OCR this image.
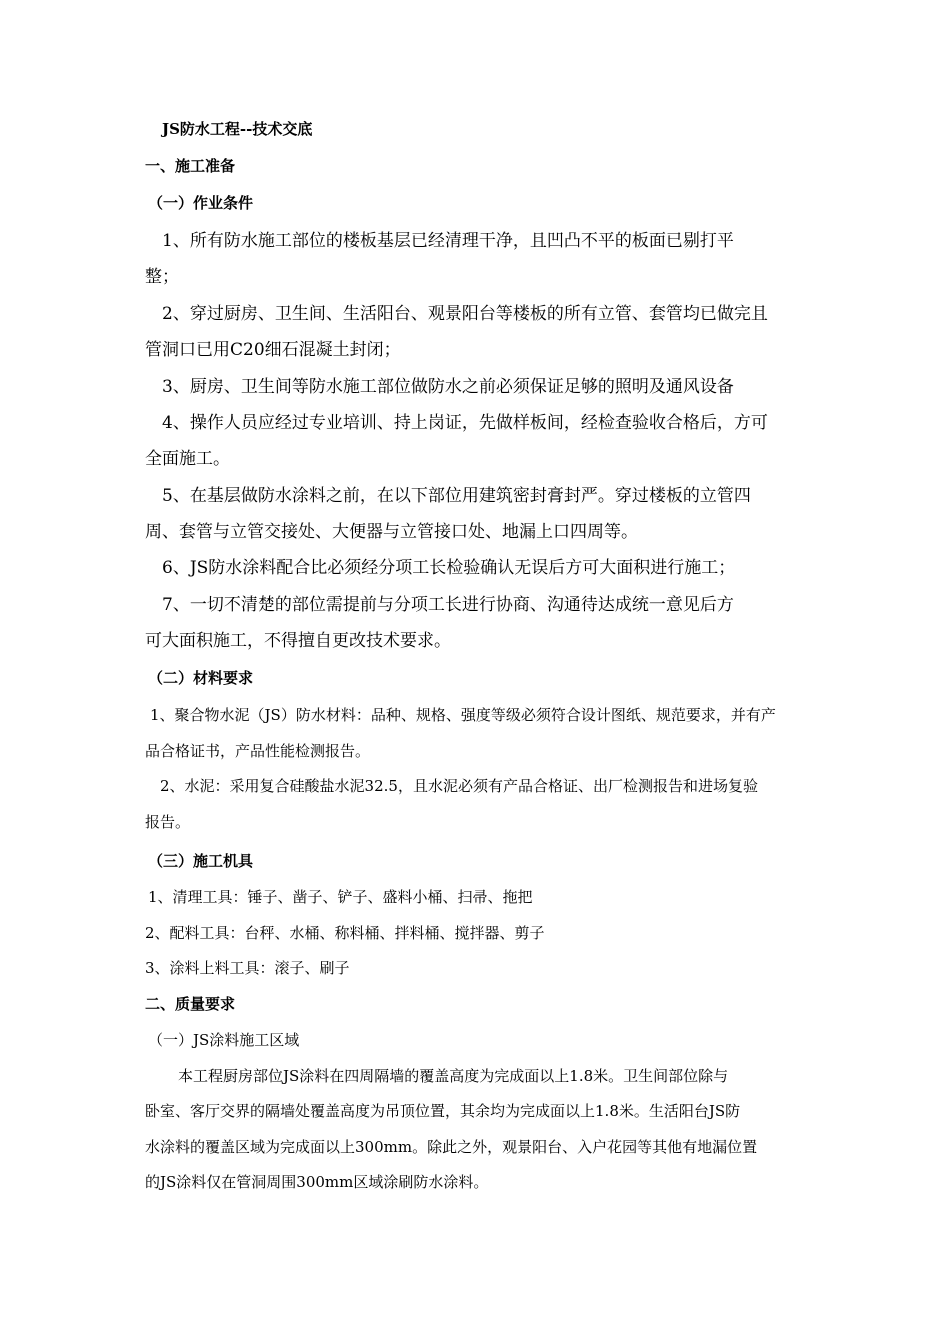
JS防水工程--技术交底
一、施工准备
（一）作业条件
1、所有防水施工部位的楼板基层已经清理干净，且凹凸不平的板面已剔打平
整；
2、穿过厨房、卫生间、生活阳台、观景阳台等楼板的所有立管、套管均已做完且
管洞口已用C20细石混凝土封闭；
3、厨房、卫生间等防水施工部位做防水之前必须保证足够的照明及通风设备
4、操作人员应经过专业培训、持上岗证，先做样板间，经检查验收合格后，方可
全面施工。
5、在基层做防水涂料之前，在以下部位用建筑密封膏封严。穿过楼板的立管四
周、套管与立管交接处、大便器与立管接口处、地漏上口四周等。
6、JS防水涂料配合比必须经分项工长检验确认无误后方可大面积进行施工；
7、一切不清楚的部位需提前与分项工长进行协商、沟通待达成统一意见后方
可大面积施工，不得擅自更改技术要求。
（二）材料要求
1、聚合物水泥（JS）防水材料：品种、规格、强度等级必须符合设计图纸、规范要求，并有产
品合格证书，产品性能检测报告。
2、水泥：采用复合硅酸盐水泥32.5，且水泥必须有产品合格证、出厂检测报告和进场复验
报告。
（三）施工机具
1、清理工具：锤子、凿子、铲子、盛料小桶、扫帚、拖把
2、配料工具：台秤、水桶、称料桶、拌料桶、搅拌器、剪子
3、涂料上料工具：滚子、刷子
二、质量要求
（一）JS涂料施工区域
本工程厨房部位JS涂料在四周隔墙的覆盖高度为完成面以上1.8米。卫生间部位除与
卧室、客厅交界的隔墙处覆盖高度为吊顶位置，其余均为完成面以上1.8米。生活阳台JS防
水涂料的覆盖区域为完成面以上300mm。除此之外，观景阳台、入户花园等其他有地漏位置
的JS涂料仅在管洞周围300mm区域涂刷防水涂料。
